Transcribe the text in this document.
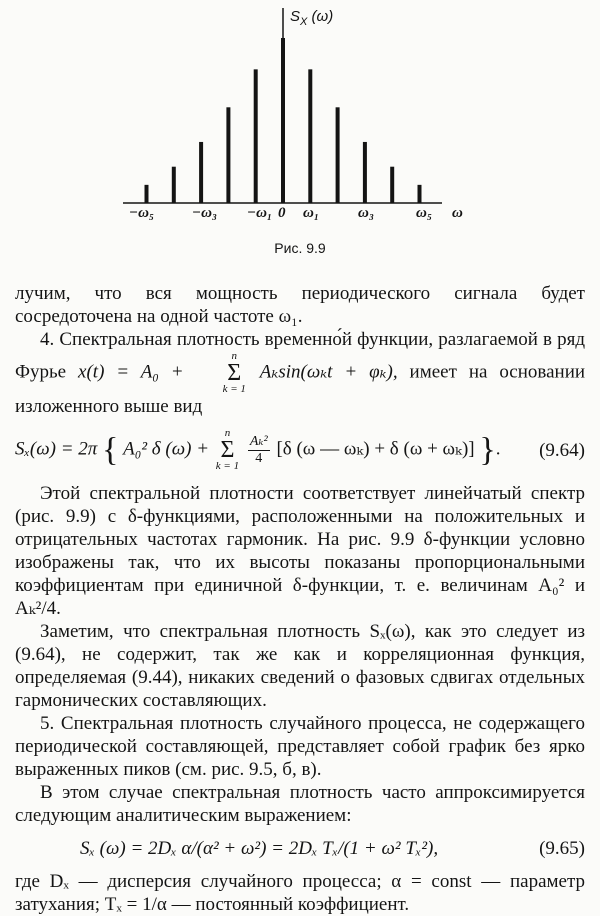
$S_X$ (ω)
−ω₅	−ω₃ −ω₁ 0 ω₁	ω₃	ω₅ ω
Рис. 9.9

лучим, что вся мощность периодического сигнала будет сосредоточена на одной частоте ω₁.

4. Спектральная плотность временно́й функции, разлагаемой в ряд Фурье x(t) = A₀ +
n
Σ
k = 1
Aₖsin(ωₖt + φₖ), имеет на основании изложенного выше вид

Sₓ(ω) = 2π { A₀² δ (ω) +
n
Σ
k = 1
$\frac{\text{Aₖ²}}{4} [\delta$ (ω — ωₖ) + δ (ω + ωₖ)] }.	(9.64)

Этой спектральной плотности соответствует линейчатый спектр (рис. 9.9) с δ-функциями, расположенными на положительных и отрицательных частотах гармоник. На рис. 9.9 δ-функции условно изображены так, что их высоты показаны пропорциональными коэффициентам при единичной δ-функции, т. е. величинам A₀² и Aₖ²/4.

Заметим, что спектральная плотность Sₓ(ω), как это следует из (9.64), не содержит, так же как и корреляционная функция, определяемая (9.44), никаких сведений о фазовых сдвигах отдельных гармонических составляющих.

5. Спектральная плотность случайного процесса, не содержащего периодической составляющей, представляет собой график без ярко выраженных пиков (см. рис. 9.5, б, в).

В этом случае спектральная плотность часто аппроксимируется следующим аналитическим выражением:

Sₓ (ω) = 2Dₓ α/(α² + ω²) = 2Dₓ Tₓ/(1 + ω² Tₓ²),	(9.65)

где Dₓ — дисперсия случайного процесса; α = const — параметр затухания; Tₓ = 1/α — постоянный коэффициент.
